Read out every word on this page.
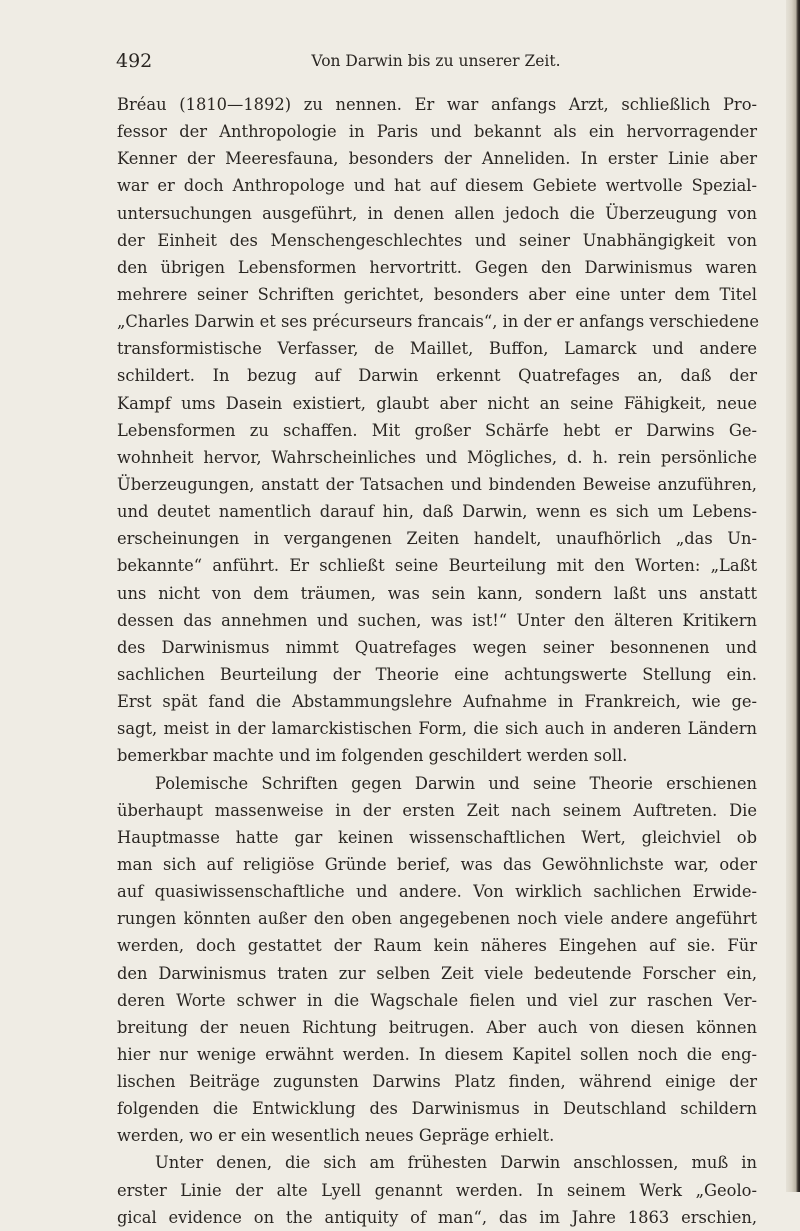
492	Von Darwin bis zu unserer Zeit.
Bréau (1810—1892) zu nennen. Er war anfangs Arzt, schließlich Pro-
fessor der Anthropologie in Paris und bekannt als ein hervorragender
Kenner der Meeresfauna, besonders der Anneliden. In erster Linie aber
war er doch Anthropologe und hat auf diesem Gebiete wertvolle Spezial-
untersuchungen ausgeführt, in denen allen jedoch die Überzeugung von
der Einheit des Menschengeschlechtes und seiner Unabhängigkeit von
den übrigen Lebensformen hervortritt. Gegen den Darwinismus waren
mehrere seiner Schriften gerichtet, besonders aber eine unter dem Titel
„Charles Darwin et ses précurseurs francais“, in der er anfangs verschiedene
transformistische Verfasser, de Maillet, Buffon, Lamarck und andere
schildert. In bezug auf Darwin erkennt Quatrefages an, daß der
Kampf ums Dasein existiert, glaubt aber nicht an seine Fähigkeit, neue
Lebensformen zu schaffen. Mit großer Schärfe hebt er Darwins Ge-
wohnheit hervor, Wahrscheinliches und Mögliches, d. h. rein persönliche
Überzeugungen, anstatt der Tatsachen und bindenden Beweise anzuführen,
und deutet namentlich darauf hin, daß Darwin, wenn es sich um Lebens-
erscheinungen in vergangenen Zeiten handelt, unaufhörlich „das Un-
bekannte“ anführt. Er schließt seine Beurteilung mit den Worten: „Laßt
uns nicht von dem träumen, was sein kann, sondern laßt uns anstatt
dessen das annehmen und suchen, was ist!“ Unter den älteren Kritikern
des Darwinismus nimmt Quatrefages wegen seiner besonnenen und
sachlichen Beurteilung der Theorie eine achtungswerte Stellung ein.
Erst spät fand die Abstammungslehre Aufnahme in Frankreich, wie ge-
sagt, meist in der lamarckistischen Form, die sich auch in anderen Ländern
bemerkbar machte und im folgenden geschildert werden soll.
Polemische Schriften gegen Darwin und seine Theorie erschienen
überhaupt massenweise in der ersten Zeit nach seinem Auftreten. Die
Hauptmasse hatte gar keinen wissenschaftlichen Wert, gleichviel ob
man sich auf religiöse Gründe berief, was das Gewöhnlichste war, oder
auf quasiwissenschaftliche und andere. Von wirklich sachlichen Erwide-
rungen könnten außer den oben angegebenen noch viele andere angeführt
werden, doch gestattet der Raum kein näheres Eingehen auf sie. Für
den Darwinismus traten zur selben Zeit viele bedeutende Forscher ein,
deren Worte schwer in die Wagschale fielen und viel zur raschen Ver-
breitung der neuen Richtung beitrugen. Aber auch von diesen können
hier nur wenige erwähnt werden. In diesem Kapitel sollen noch die eng-
lischen Beiträge zugunsten Darwins Platz finden, während einige der
folgenden die Entwicklung des Darwinismus in Deutschland schildern
werden, wo er ein wesentlich neues Gepräge erhielt.
Unter denen, die sich am frühesten Darwin anschlossen, muß in
erster Linie der alte Lyell genannt werden. In seinem Werk „Geolo-
gical evidence on the antiquity of man“, das im Jahre 1863 erschien,
